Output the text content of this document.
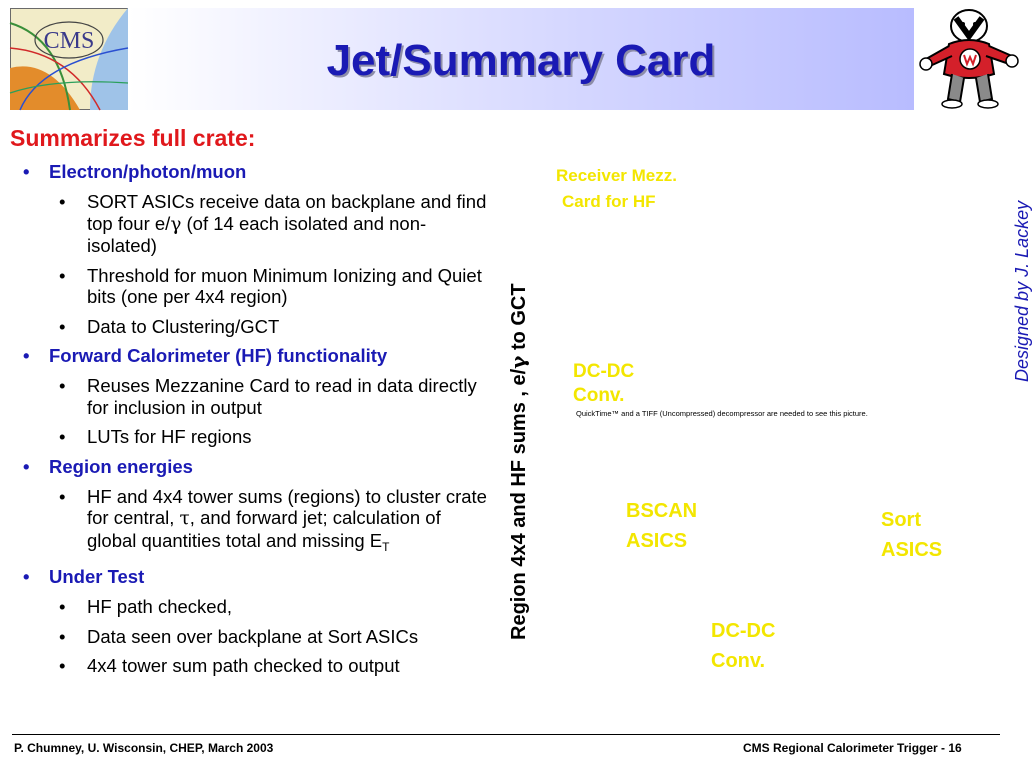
Jet/Summary Card
CMS
Summarizes full crate:
• Electron/photon/muon
• SORT ASICs receive data on backplane and find top four e/γ (of 14 each isolated and non-isolated)
• Threshold for muon Minimum Ionizing and Quiet bits (one per 4x4 region)
• Data to Clustering/GCT
• Forward Calorimeter (HF) functionality
• Reuses Mezzanine Card to read in data directly for inclusion in output
• LUTs for HF regions
• Region energies
• HF and 4x4 tower sums (regions) to cluster crate for central, τ, and forward jet; calculation of global quantities total and missing $E_T$
• Under Test
• HF path checked,
• Data seen over backplane at Sort ASICs
• 4x4 tower sum path checked to output
Region 4x4 and HF sums , e/γ to GCT
Receiver Mezz.
Card for HF
DC-DC
Conv.
QuickTime™ and a TIFF (Uncompressed) decompressor are needed to see this picture.
BSCAN
ASICS
Sort
ASICS
DC-DC
Conv.
Designed by J. Lackey
P. Chumney, U. Wisconsin, CHEP, March 2003	CMS Regional Calorimeter Trigger - 16
